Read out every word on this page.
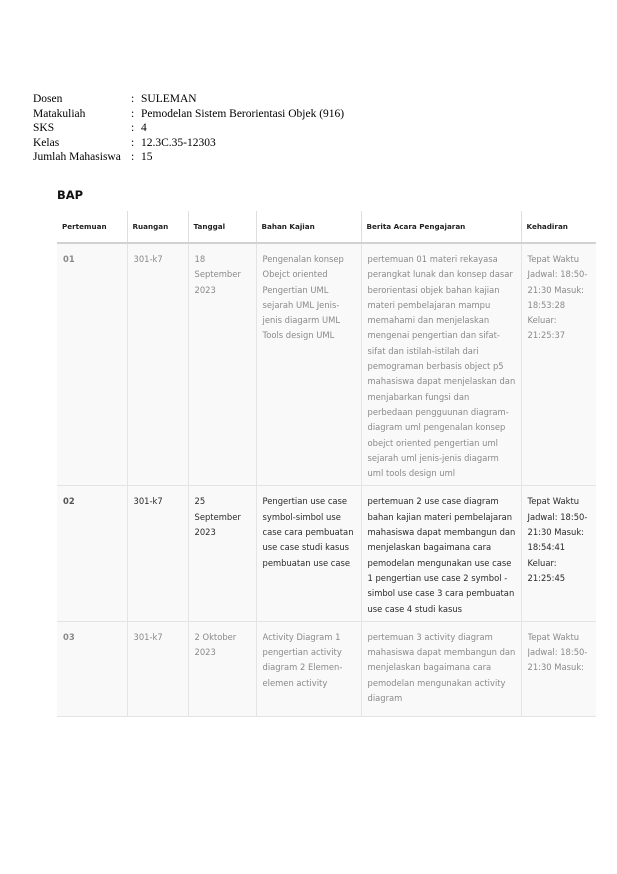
Dosen	: SULEMAN
Matakuliah	: Pemodelan Sistem Berorientasi Objek (916)
SKS	: 4
Kelas	: 12.3C.35-12303
Jumlah Mahasiswa : 15
BAP
Pertemuan	Ruangan	Tanggal	Bahan Kajian	Berita Acara Pengajaran	Kehadiran
01	301-k7	18 September 2023	Pengenalan konsep Obejct oriented Pengertian UML sejarah UML Jenis-jenis diagarm UML Tools design UML	pertemuan 01 materi rekayasa perangkat lunak dan konsep dasar berorientasi objek bahan kajian materi pembelajaran mampu memahami dan menjelaskan mengenai pengertian dan sifat-sifat dan istilah-istilah dari pemograman berbasis object p5 mahasiswa dapat menjelaskan dan menjabarkan fungsi dan perbedaan pengguunan diagram-diagram uml pengenalan konsep obejct oriented pengertian uml sejarah uml jenis-jenis diagarm uml tools design uml	Tepat Waktu Jadwal: 18:50-21:30 Masuk: 18:53:28 Keluar: 21:25:37
02	301-k7	25 September 2023	Pengertian use case symbol-simbol use case cara pembuatan use case studi kasus pembuatan use case	pertemuan 2 use case diagram bahan kajian materi pembelajaran mahasiswa dapat membangun dan menjelaskan bagaimana cara pemodelan mengunakan use case 1 pengertian use case 2 symbol -simbol use case 3 cara pembuatan use case 4 studi kasus	Tepat Waktu Jadwal: 18:50-21:30 Masuk: 18:54:41 Keluar: 21:25:45

03	301-k7	2 Oktober 2023	Activity Diagram 1 pengertian activity diagram 2 Elemen-elemen activity	pertemuan 3 activity diagram mahasiswa dapat membangun dan menjelaskan bagaimana cara pemodelan mengunakan activity diagram	Tepat Waktu Jadwal: 18:50-21:30 Masuk:
